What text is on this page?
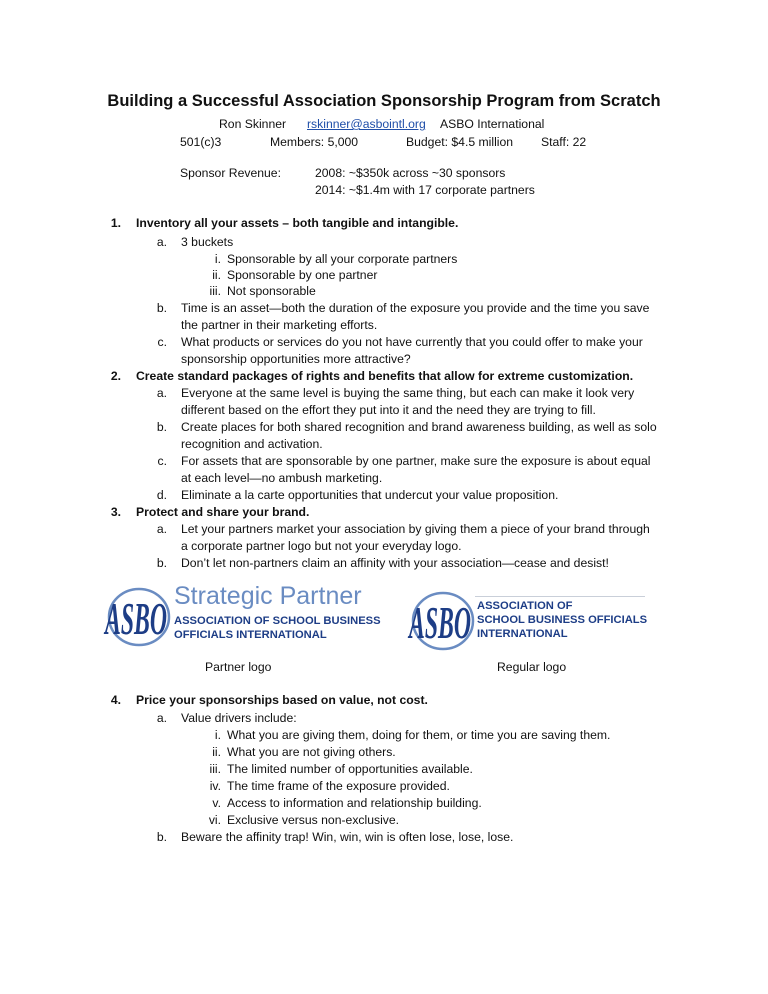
Building a Successful Association Sponsorship Program from Scratch
Ron Skinner rskinner@asbointl.org ASBO International
501(c)3	Members: 5,000	Budget: $4.5 million Staff: 22
Sponsor Revenue:	2008: ~$350k across ~30 sponsors
2014: ~$1.4m with 17 corporate partners
1. Inventory all your assets – both tangible and intangible.
a. 3 buckets
i. Sponsorable by all your corporate partners
ii. Sponsorable by one partner
iii. Not sponsorable
b. Time is an asset—both the duration of the exposure you provide and the time you save
the partner in their marketing efforts.
c. What products or services do you not have currently that you could offer to make your
sponsorship opportunities more attractive?
2. Create standard packages of rights and benefits that allow for extreme customization.
a. Everyone at the same level is buying the same thing, but each can make it look very
different based on the effort they put into it and the need they are trying to fill.
b. Create places for both shared recognition and brand awareness building, as well as solo
recognition and activation.
c. For assets that are sponsorable by one partner, make sure the exposure is about equal
at each level—no ambush marketing.
d. Eliminate a la carte opportunities that undercut your value proposition.
3. Protect and share your brand.
a. Let your partners market your association by giving them a piece of your brand through
a corporate partner logo but not your everyday logo.
b. Don’t let non-partners claim an affinity with your association—cease and desist!
ASBO Strategic Partner
ASSOCIATION OF SCHOOL BUSINESS
OFFICIALS INTERNATIONAL
Partner logo
ASBO ASSOCIATION OF
SCHOOL BUSINESS OFFICIALS
INTERNATIONAL
Regular logo
4. Price your sponsorships based on value, not cost.
a. Value drivers include:
i. What you are giving them, doing for them, or time you are saving them.
ii. What you are not giving others.
iii. The limited number of opportunities available.
iv. The time frame of the exposure provided.
v. Access to information and relationship building.
vi. Exclusive versus non-exclusive.
b. Beware the affinity trap! Win, win, win is often lose, lose, lose.
